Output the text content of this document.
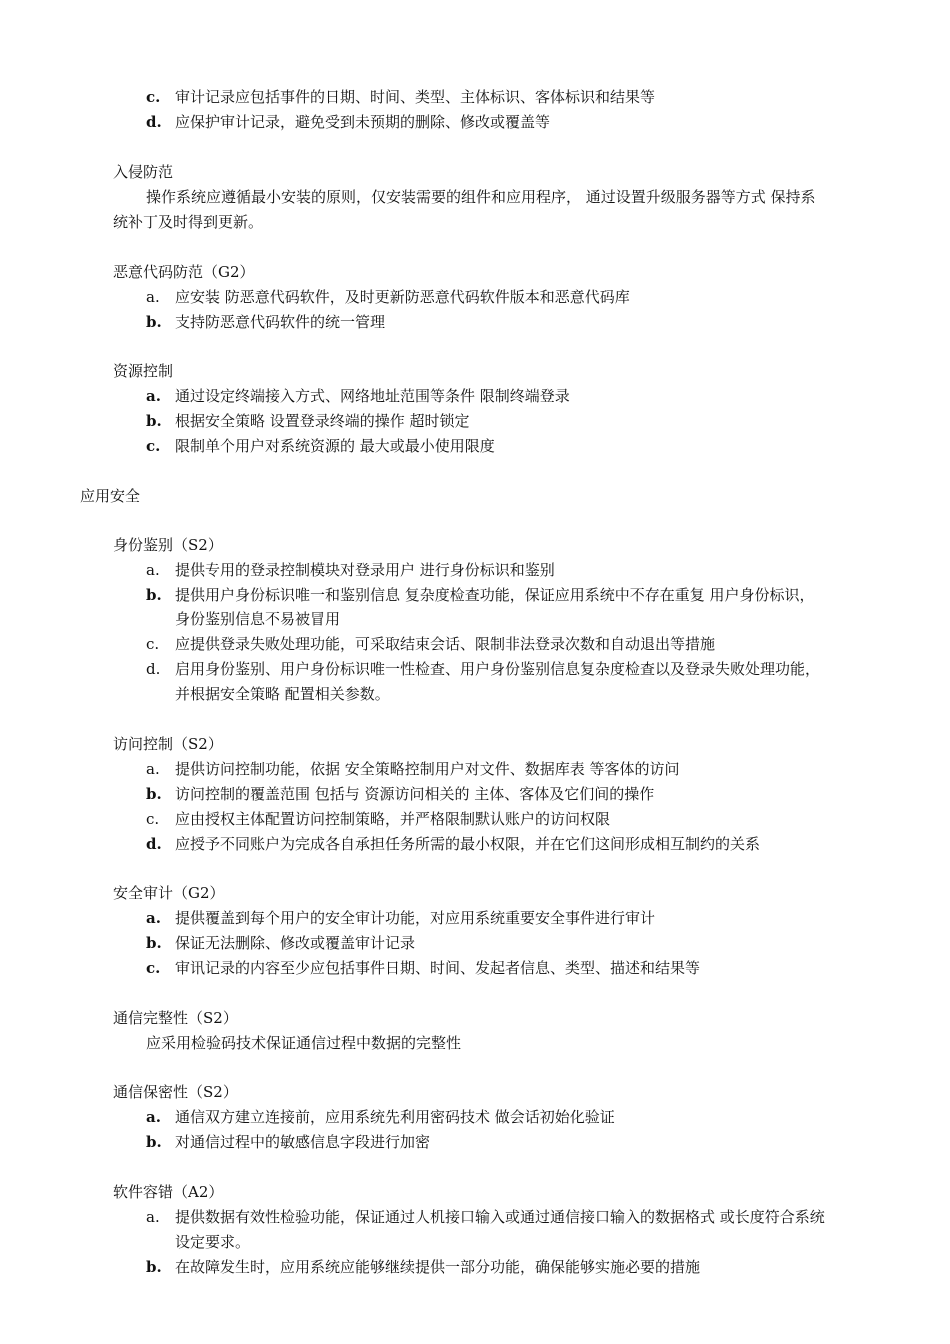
c. 审计记录应包括事件的日期、时间、类型、主体标识、客体标识和结果等
d. 应保护审计记录，避免受到未预期的删除、修改或覆盖等
入侵防范
操作系统应遵循最小安装的原则，仅安装需要的组件和应用程序， 通过设置升级服务器等方式 保持系
统补丁及时得到更新。
恶意代码防范（G2）
a.	应安装 防恶意代码软件，及时更新防恶意代码软件版本和恶意代码库
b. 支持防恶意代码软件的统一管理
资源控制
a. 通过设定终端接入方式、网络地址范围等条件 限制终端登录
b. 根据安全策略 设置登录终端的操作 超时锁定
c. 限制单个用户对系统资源的 最大或最小使用限度
应用安全
身份鉴别（S2）
a.	提供专用的登录控制模块对登录用户 进行身份标识和鉴别
b. 提供用户身份标识唯一和鉴别信息 复杂度检查功能，保证应用系统中不存在重复 用户身份标识，
身份鉴别信息不易被冒用
c.	应提供登录失败处理功能，可采取结束会话、限制非法登录次数和自动退出等措施
d. 启用身份鉴别、用户身份标识唯一性检查、用户身份鉴别信息复杂度检查以及登录失败处理功能，
并根据安全策略 配置相关参数。
访问控制（S2）
a.	提供访问控制功能，依据 安全策略控制用户对文件、数据库表 等客体的访问
b. 访问控制的覆盖范围 包括与 资源访问相关的 主体、客体及它们间的操作
c.	应由授权主体配置访问控制策略，并严格限制默认账户的访问权限
d. 应授予不同账户为完成各自承担任务所需的最小权限，并在它们这间形成相互制约的关系
安全审计（G2）
a. 提供覆盖到每个用户的安全审计功能，对应用系统重要安全事件进行审计
b. 保证无法删除、修改或覆盖审计记录
c. 审讯记录的内容至少应包括事件日期、时间、发起者信息、类型、描述和结果等
通信完整性（S2）
应采用检验码技术保证通信过程中数据的完整性
通信保密性（S2）
a. 通信双方建立连接前，应用系统先利用密码技术 做会话初始化验证
b. 对通信过程中的敏感信息字段进行加密
软件容错（A2）
a.	提供数据有效性检验功能，保证通过人机接口输入或通过通信接口输入的数据格式 或长度符合系统
设定要求。
b. 在故障发生时，应用系统应能够继续提供一部分功能，确保能够实施必要的措施
